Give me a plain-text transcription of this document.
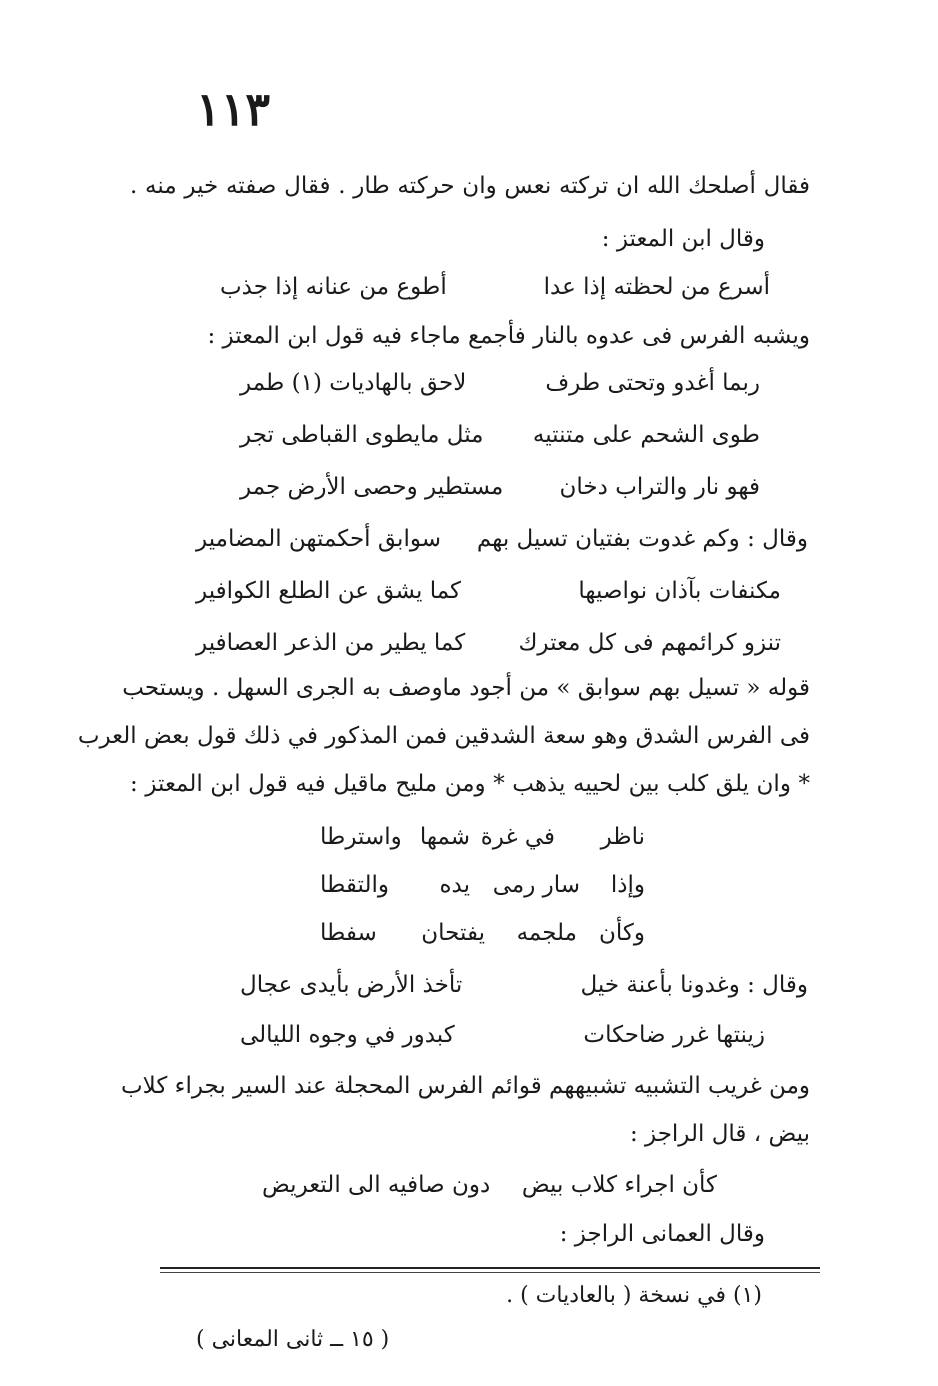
١١٣
فقال أصلحك الله ان تركته نعس وان حركته طار . فقال صفته خير منه .
وقال ابن المعتز :
أسرع من لحظته إذا عدا
أطوع من عنانه إذا جذب
ويشبه الفرس فى عدوه بالنار فأجمع ماجاء فيه قول ابن المعتز :
ربما أغدو وتحتى طرف
لاحق بالهاديات (١) طمر
طوى الشحم على متنتيه
مثل مايطوى القباطى تجر
فهو نار والتراب دخان
مستطير وحصى الأرض جمر
وقال : وكم غدوت بفتيان تسيل بهم
سوابق أحكمتهن المضامير
مكنفات بآذان نواصيها
كما يشق عن الطلع الكوافير
تنزو كرائمهم فى كل معترك
كما يطير من الذعر العصافير
قوله « تسيل بهم سوابق » من أجود ماوصف به الجرى السهل . ويستحب
فى الفرس الشدق وهو سعة الشدقين فمن المذكور في ذلك قول بعض العرب
* وان يلق كلب بين لحييه يذهب * ومن مليح ماقيل فيه قول ابن المعتز :
ناظر
في غرة
شمها
واسترطا
وإذا
سار رمى
يده
والتقطا
وكأن
ملجمه
يفتحان
سفطا
وقال : وغدونا بأعنة خيل
تأخذ الأرض بأيدى عجال
زينتها غرر ضاحكات
كبدور في وجوه الليالى
ومن غريب التشبيه تشبيههم قوائم الفرس المحجلة عند السير بجراء كلاب
بيض ، قال الراجز :
كأن اجراء كلاب بيض
دون صافيه الى التعريض
وقال العمانى الراجز :
(١) في نسخة ( بالعاديات ) .
( ١٥ ــ ثانى المعانى )
